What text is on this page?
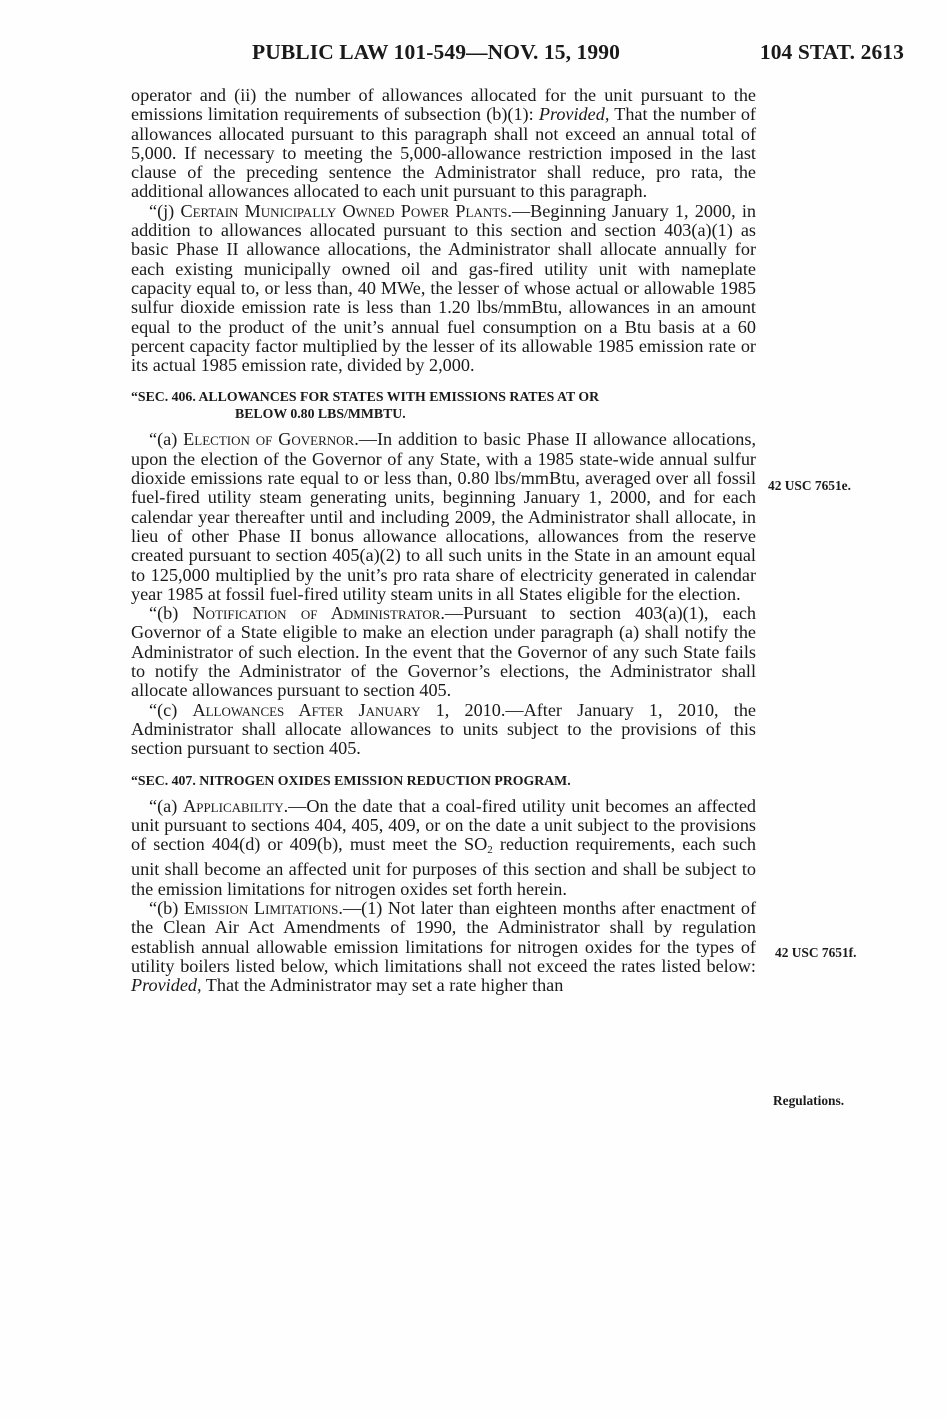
PUBLIC LAW 101-549—NOV. 15, 1990	104 STAT. 2613

operator and (ii) the number of allowances allocated for the unit pursuant to the emissions limitation requirements of subsection (b)(1): Provided, That the number of allowances allocated pursuant to this paragraph shall not exceed an annual total of 5,000. If necessary to meeting the 5,000-allowance restriction imposed in the last clause of the preceding sentence the Administrator shall reduce, pro rata, the additional allowances allocated to each unit pursuant to this paragraph.

“(j) Certain Municipally Owned Power Plants.—Beginning January 1, 2000, in addition to allowances allocated pursuant to this section and section 403(a)(1) as basic Phase II allowance allocations, the Administrator shall allocate annually for each existing municipally owned oil and gas-fired utility unit with nameplate capacity equal to, or less than, 40 MWe, the lesser of whose actual or allowable 1985 sulfur dioxide emission rate is less than 1.20 lbs/mmBtu, allowances in an amount equal to the product of the unit’s annual fuel consumption on a Btu basis at a 60 percent capacity factor multiplied by the lesser of its allowable 1985 emission rate or its actual 1985 emission rate, divided by 2,000.

“SEC. 406. ALLOWANCES FOR STATES WITH EMISSIONS RATES AT OR
BELOW 0.80 LBS/MMBTU.

“(a) Election of Governor.—In addition to basic Phase II allowance allocations, upon the election of the Governor of any State, with a 1985 state-wide annual sulfur dioxide emissions rate equal to or less than, 0.80 lbs/mmBtu, averaged over all fossil fuel-fired utility steam generating units, beginning January 1, 2000, and for each calendar year thereafter until and including 2009, the Administrator shall allocate, in lieu of other Phase II bonus allowance allocations, allowances from the reserve created pursuant to section 405(a)(2) to all such units in the State in an amount equal to 125,000 multiplied by the unit’s pro rata share of electricity generated in calendar year 1985 at fossil fuel-fired utility steam units in all States eligible for the election.

“(b) Notification of Administrator.—Pursuant to section 403(a)(1), each Governor of a State eligible to make an election under paragraph (a) shall notify the Administrator of such election. In the event that the Governor of any such State fails to notify the Administrator of the Governor’s elections, the Administrator shall allocate allowances pursuant to section 405.

“(c) Allowances After January 1, 2010.—After January 1, 2010, the Administrator shall allocate allowances to units subject to the provisions of this section pursuant to section 405.

“SEC. 407. NITROGEN OXIDES EMISSION REDUCTION PROGRAM.

“(a) Applicability.—On the date that a coal-fired utility unit becomes an affected unit pursuant to sections 404, 405, 409, or on the date a unit subject to the provisions of section 404(d) or 409(b), must meet the $SO_2$ reduction requirements, each such unit shall become an affected unit for purposes of this section and shall be subject to the emission limitations for nitrogen oxides set forth herein.

“(b) Emission Limitations.—(1) Not later than eighteen months after enactment of the Clean Air Act Amendments of 1990, the Administrator shall by regulation establish annual allowable emission limitations for nitrogen oxides for the types of utility boilers listed below, which limitations shall not exceed the rates listed below: Provided, That the Administrator may set a rate higher than

42 USC 7651e.
42 USC 7651f.
Regulations.
